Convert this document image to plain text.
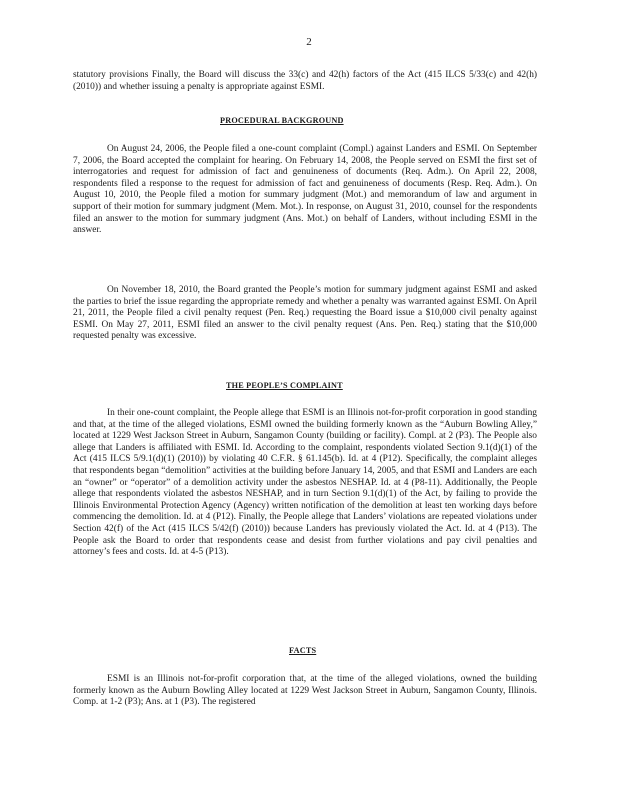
2

statutory provisions Finally, the Board will discuss the 33(c) and 42(h) factors of the Act (415 ILCS 5/33(c) and 42(h) (2010)) and whether issuing a penalty is appropriate against ESMI.

PROCEDURAL BACKGROUND

On August 24, 2006, the People filed a one-count complaint (Compl.) against Landers and ESMI. On September 7, 2006, the Board accepted the complaint for hearing. On February 14, 2008, the People served on ESMI the first set of interrogatories and request for admission of fact and genuineness of documents (Req. Adm.). On April 22, 2008, respondents filed a response to the request for admission of fact and genuineness of documents (Resp. Req. Adm.). On August 10, 2010, the People filed a motion for summary judgment (Mot.) and memorandum of law and argument in support of their motion for summary judgment (Mem. Mot.). In response, on August 31, 2010, counsel for the respondents filed an answer to the motion for summary judgment (Ans. Mot.) on behalf of Landers, without including ESMI in the answer.

On November 18, 2010, the Board granted the People’s motion for summary judgment against ESMI and asked the parties to brief the issue regarding the appropriate remedy and whether a penalty was warranted against ESMI. On April 21, 2011, the People filed a civil penalty request (Pen. Req.) requesting the Board issue a $10,000 civil penalty against ESMI. On May 27, 2011, ESMI filed an answer to the civil penalty request (Ans. Pen. Req.) stating that the $10,000 requested penalty was excessive.

THE PEOPLE’S COMPLAINT

In their one-count complaint, the People allege that ESMI is an Illinois not-for-profit corporation in good standing and that, at the time of the alleged violations, ESMI owned the building formerly known as the “Auburn Bowling Alley,” located at 1229 West Jackson Street in Auburn, Sangamon County (building or facility). Compl. at 2 (P3). The People also allege that Landers is affiliated with ESMI. Id. According to the complaint, respondents violated Section 9.1(d)(1) of the Act (415 ILCS 5/9.1(d)(1) (2010)) by violating 40 C.F.R. § 61.145(b). Id. at 4 (P12). Specifically, the complaint alleges that respondents began “demolition” activities at the building before January 14, 2005, and that ESMI and Landers are each an “owner” or “operator” of a demolition activity under the asbestos NESHAP. Id. at 4 (P8-11). Additionally, the People allege that respondents violated the asbestos NESHAP, and in turn Section 9.1(d)(1) of the Act, by failing to provide the Illinois Environmental Protection Agency (Agency) written notification of the demolition at least ten working days before commencing the demolition. Id. at 4 (P12). Finally, the People allege that Landers’ violations are repeated violations under Section 42(f) of the Act (415 ILCS 5/42(f) (2010)) because Landers has previously violated the Act. Id. at 4 (P13). The People ask the Board to order that respondents cease and desist from further violations and pay civil penalties and attorney’s fees and costs. Id. at 4-5 (P13).

FACTS

ESMI is an Illinois not-for-profit corporation that, at the time of the alleged violations, owned the building formerly known as the Auburn Bowling Alley located at 1229 West Jackson Street in Auburn, Sangamon County, Illinois. Comp. at 1-2 (P3); Ans. at 1 (P3). The registered
